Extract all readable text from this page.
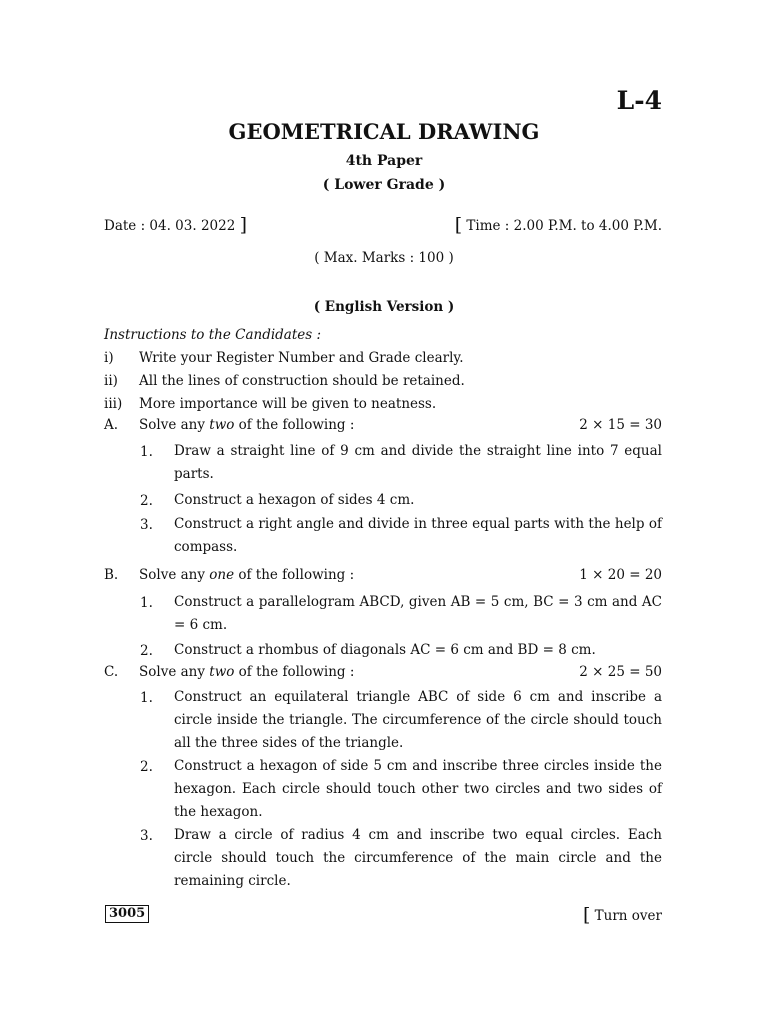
L-4
GEOMETRICAL DRAWING
4th Paper
( Lower Grade )
Date : 04. 03. 2022 ]	[ Time : 2.00 P.M. to 4.00 P.M.
( Max. Marks : 100 )
( English Version )
Instructions to the Candidates :
i) Write your Register Number and Grade clearly.
ii) All the lines of construction should be retained.
iii) More importance will be given to neatness.
A. Solve any two of the following :	2 × 15 = 30
1. Draw a straight line of 9 cm and divide the straight line into 7 equal parts.
2. Construct a hexagon of sides 4 cm.
3. Construct a right angle and divide in three equal parts with the help of compass.
B. Solve any one of the following :	1 × 20 = 20
1. Construct a parallelogram ABCD, given AB = 5 cm, BC = 3 cm and AC = 6 cm.
2. Construct a rhombus of diagonals AC = 6 cm and BD = 8 cm.
C. Solve any two of the following :	2 × 25 = 50
1. Construct an equilateral triangle ABC of side 6 cm and inscribe a circle inside the triangle. The circumference of the circle should touch all the three sides of the triangle.
2. Construct a hexagon of side 5 cm and inscribe three circles inside the hexagon. Each circle should touch other two circles and two sides of the hexagon.
3. Draw a circle of radius 4 cm and inscribe two equal circles. Each circle should touch the circumference of the main circle and the remaining circle.
3005	[ Turn over
